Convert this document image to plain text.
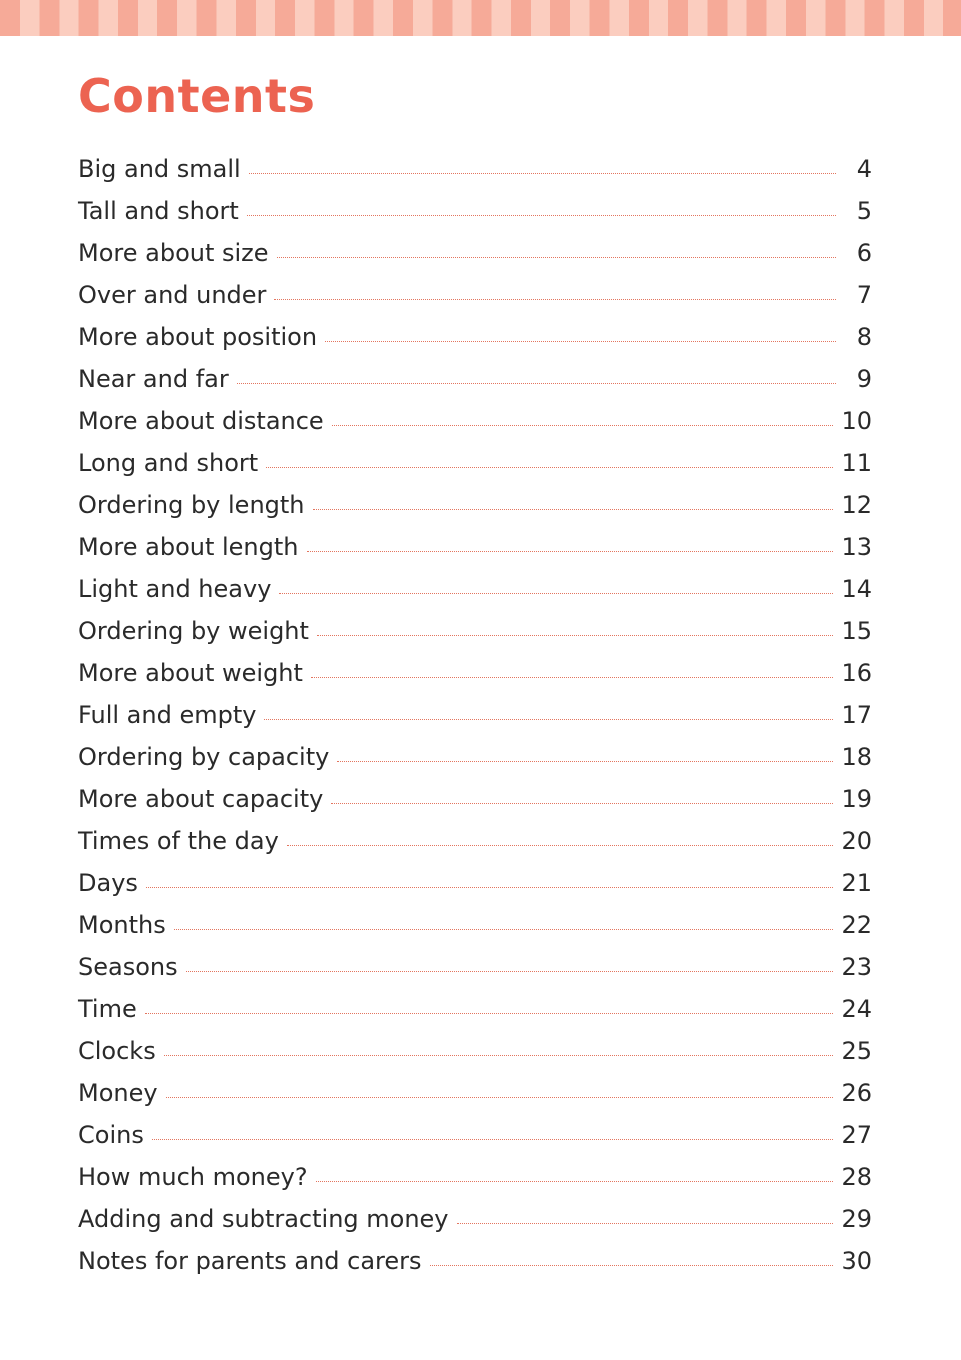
Contents
Big and small	4
Tall and short	5
More about size	6
Over and under	7
More about position	8
Near and far	9
More about distance	10
Long and short	11
Ordering by length	12
More about length	13
Light and heavy	14
Ordering by weight	15
More about weight	16
Full and empty	17
Ordering by capacity	18
More about capacity	19
Times of the day	20
Days	21
Months	22
Seasons	23
Time	24
Clocks	25
Money	26
Coins	27
How much money?	28
Adding and subtracting money	29
Notes for parents and carers	30
